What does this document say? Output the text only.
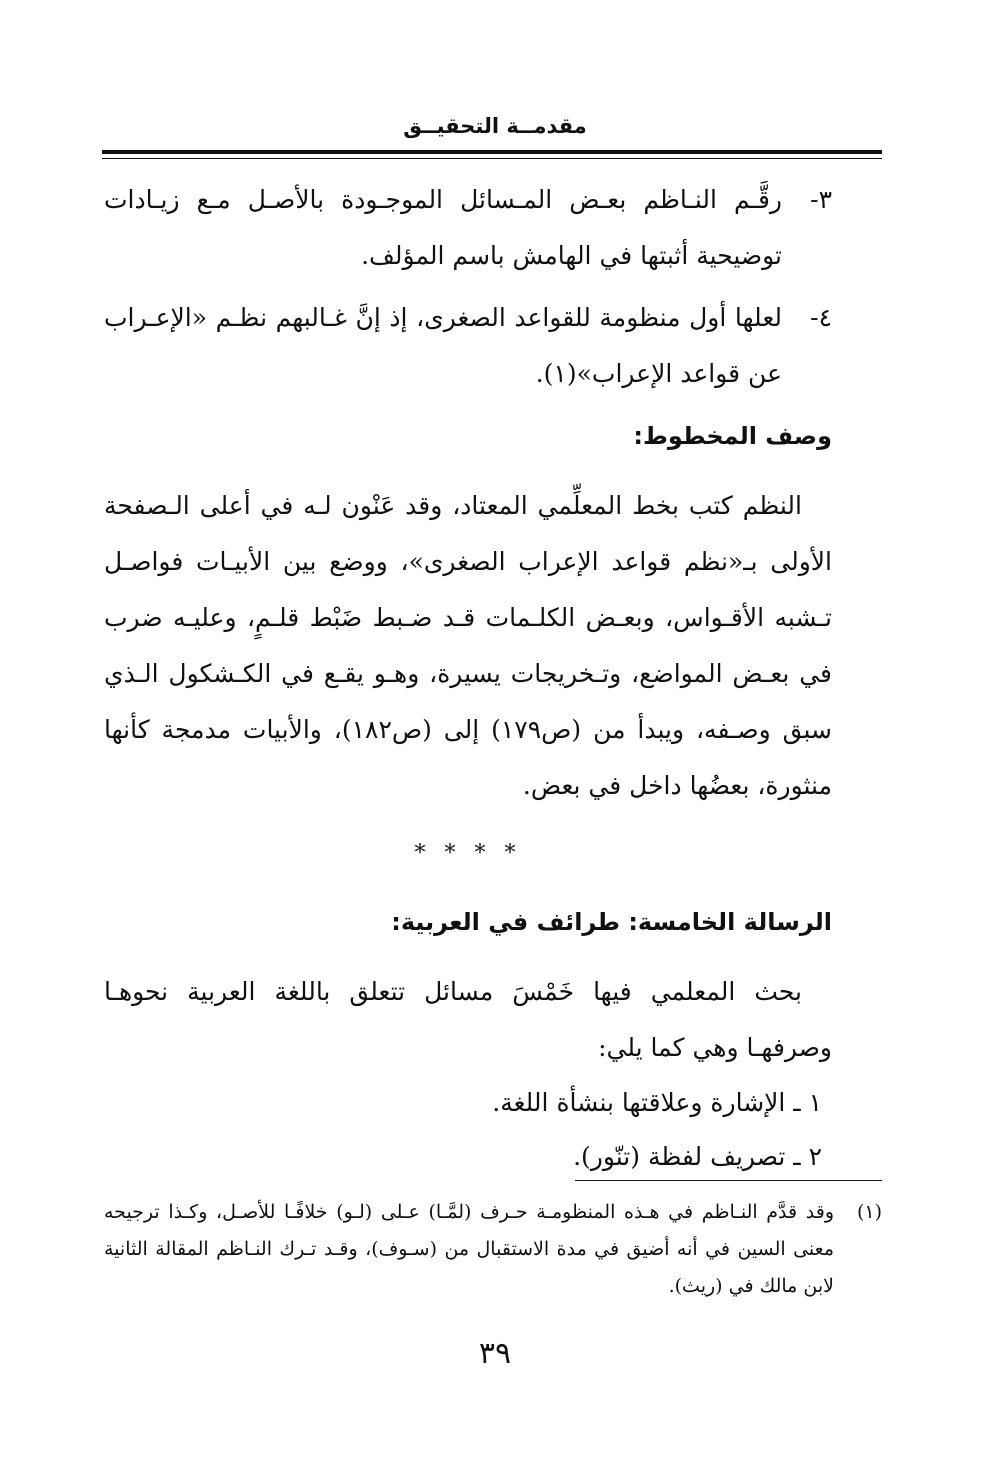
مقدمــة التحقيــق
٣-
رقَّـم النـاظم بعـض المـسائل الموجـودة بالأصـل مـع زيـادات توضيحية أثبتها في الهامش باسم المؤلف.
٤-
لعلها أول منظومة للقواعد الصغرى، إذ إنَّ غـالبهم نظـم «الإعـراب عن قواعد الإعراب»(١).
وصف المخطوط:

النظم كتب بخط المعلِّمي المعتاد، وقد عَنْون لـه في أعلى الـصفحة الأولى بـ«نظم قواعد الإعراب الصغرى»، ووضع بين الأبيـات فواصـل تـشبه الأقـواس، وبعـض الكلـمات قـد ضـبط ضَبْط قلـمٍ، وعليـه ضرب في بعـض المواضع، وتـخريجات يسيرة، وهـو يقـع في الكـشكول الـذي سبق وصـفه، ويبدأ من (ص١٧٩) إلى (ص١٨٢)، والأبيات مدمجة كأنها منثورة، بعضُها داخل في بعض.

* * * *
الرسالة الخامسة: طرائف في العربية:

بحث المعلمي فيها خَمْسَ مسائل تتعلق باللغة العربية نحوهـا وصرفهـا وهي كما يلي:

١ ـ الإشارة وعلاقتها بنشأة اللغة.
٢ ـ تصريف لفظة (تنّور).
(١)
وقد قدَّم النـاظم في هـذه المنظومـة حـرف (لمَّـا) عـلى (لـو) خلافًـا للأصـل، وكـذا ترجيحه معنى السين في أنه أضيق في مدة الاستقبال من (سـوف)، وقـد تـرك النـاظم المقالة الثانية لابن مالك في (ريث).
٣٩
